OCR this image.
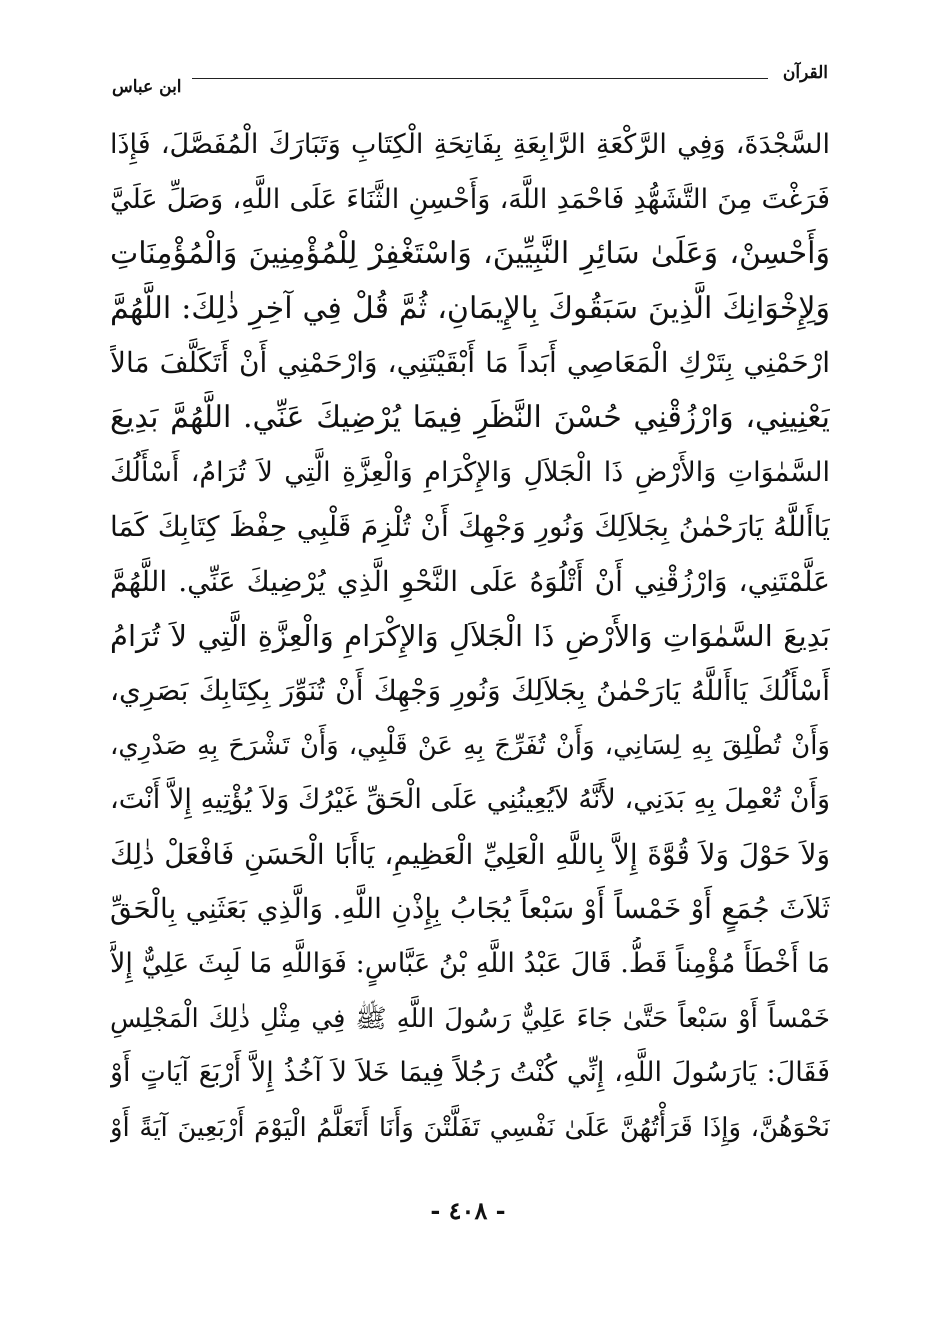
القرآن
ابن عباس
السَّجْدَةَ، وَفِي الرَّكْعَةِ الرَّابِعَةِ بِفَاتِحَةِ الْكِتَابِ وَتَبَارَكَ الْمُفَصَّلَ، فَإِذَا
فَرَغْتَ مِنَ التَّشَهُّدِ فَاحْمَدِ اللَّهَ، وَأَحْسِنِ الثَّنَاءَ عَلَى اللَّهِ، وَصَلِّ عَلَيَّ
وَأَحْسِنْ، وَعَلَىٰ سَائِرِ النَّبِيِّينَ، وَاسْتَغْفِرْ لِلْمُؤْمِنِينَ وَالْمُؤْمِنَاتِ
وَلِإِخْوَانِكَ الَّذِينَ سَبَقُوكَ بِالإِيمَانِ، ثُمَّ قُلْ فِي آخِرِ ذٰلِكَ: اللَّهُمَّ
ارْحَمْنِي بِتَرْكِ الْمَعَاصِي أَبَداً مَا أَبْقَيْتَنِي، وَارْحَمْنِي أَنْ أَتَكَلَّفَ مَالاً
يَعْنِينِي، وَارْزُقْنِي حُسْنَ النَّظَرِ فِيمَا يُرْضِيكَ عَنِّي. اللَّهُمَّ بَدِيعَ
السَّمٰوَاتِ وَالأَرْضِ ذَا الْجَلاَلِ وَالإِكْرَامِ وَالْعِزَّةِ الَّتِي لاَ تُرَامُ، أَسْأَلُكَ
يَاأَللَّهُ يَارَحْمٰنُ بِجَلاَلِكَ وَنُورِ وَجْهِكَ أَنْ تُلْزِمَ قَلْبِي حِفْظَ كِتَابِكَ كَمَا
عَلَّمْتَنِي، وَارْزُقْنِي أَنْ أَتْلُوَهُ عَلَى النَّحْوِ الَّذِي يُرْضِيكَ عَنِّي. اللَّهُمَّ
بَدِيعَ السَّمٰوَاتِ وَالأَرْضِ ذَا الْجَلاَلِ وَالإِكْرَامِ وَالْعِزَّةِ الَّتِي لاَ تُرَامُ
أَسْأَلُكَ يَاأَللَّهُ يَارَحْمٰنُ بِجَلاَلِكَ وَنُورِ وَجْهِكَ أَنْ تُنَوِّرَ بِكِتَابِكَ بَصَرِي،
وَأَنْ تُطْلِقَ بِهِ لِسَانِي، وَأَنْ تُفَرِّجَ بِهِ عَنْ قَلْبِي، وَأَنْ تَشْرَحَ بِهِ صَدْرِي،
وَأَنْ تُعْمِلَ بِهِ بَدَنِي، لأَنَّهُ لاَيُعِينُنِي عَلَى الْحَقِّ غَيْرُكَ وَلاَ يُؤْتِيهِ إِلاَّ أَنْتَ،
وَلاَ حَوْلَ وَلاَ قُوَّةَ إِلاَّ بِاللَّهِ الْعَلِيِّ الْعَظِيمِ، يَاأَبَا الْحَسَنِ فَافْعَلْ ذٰلِكَ
ثَلاَثَ جُمَعٍ أَوْ خَمْساً أَوْ سَبْعاً يُجَابُ بِإِذْنِ اللَّهِ. وَالَّذِي بَعَثَنِي بِالْحَقِّ
مَا أَخْطَأَ مُؤْمِناً قَطُّ. قَالَ عَبْدُ اللَّهِ بْنُ عَبَّاسٍ: فَوَاللَّهِ مَا لَبِثَ عَلِيٌّ إِلاَّ
خَمْساً أَوْ سَبْعاً حَتَّىٰ جَاءَ عَلِيٌّ رَسُولَ اللَّهِ ﷺ فِي مِثْلِ ذٰلِكَ الْمَجْلِسِ
فَقَالَ: يَارَسُولَ اللَّهِ، إِنِّي كُنْتُ رَجُلاً فِيمَا خَلاَ لاَ آخُذُ إِلاَّ أَرْبَعَ آيَاتٍ أَوْ
نَحْوَهُنَّ، وَإِذَا قَرَأْتُهُنَّ عَلَىٰ نَفْسِي تَفَلَّتْنَ وَأَنَا أَتَعَلَّمُ الْيَوْمَ أَرْبَعِينَ آيَةً أَوْ
- ٤٠٨ -
